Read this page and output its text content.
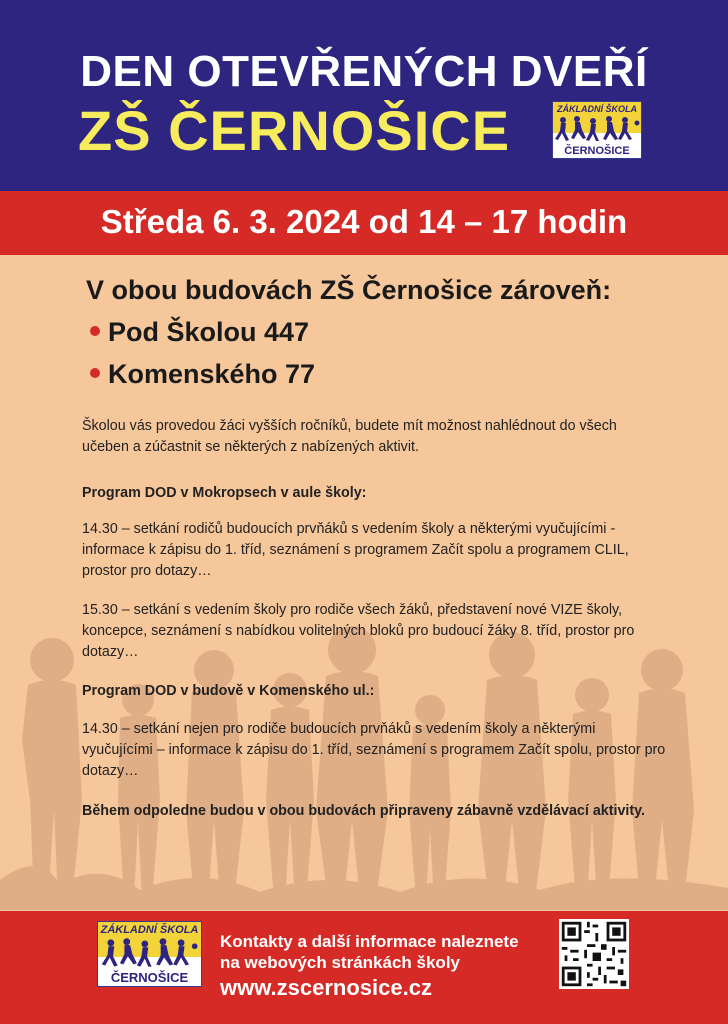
DEN OTEVŘENÝCH DVEŘÍ
ZŠ ČERNOŠICE	ZÁKLADNÍ ŠKOLA
ČERNOŠICE
Středa 6. 3. 2024 od 14 – 17 hodin
V obou budovách ZŠ Černošice zároveň:
Pod Školou 447
Komenského 77
Školou vás provedou žáci vyšších ročníků, budete mít možnost nahlédnout do všech učeben a zúčastnit se některých z nabízených aktivit.
Program DOD v Mokropsech v aule školy:
14.30 – setkání rodičů budoucích prvňáků s vedením školy a některými vyučujícími - informace k zápisu do 1. tříd, seznámení s programem Začít spolu a programem CLIL, prostor pro dotazy…
15.30 – setkání s vedením školy pro rodiče všech žáků, představení nové VIZE školy, koncepce, seznámení s nabídkou volitelných bloků pro budoucí žáky 8. tříd, prostor pro dotazy…
Program DOD v budově v Komenského ul.:
14.30 – setkání nejen pro rodiče budoucích prvňáků s vedením školy a některými vyučujícími – informace k zápisu do 1. tříd, seznámení s programem Začít spolu, prostor pro dotazy…
Během odpoledne budou v obou budovách připraveny zábavně vzdělávací aktivity.
Kontakty a další informace naleznete
na webových stránkách školy
www.zscernosice.cz
ZÁKLADNÍ ŠKOLA
ČERNOŠICE
